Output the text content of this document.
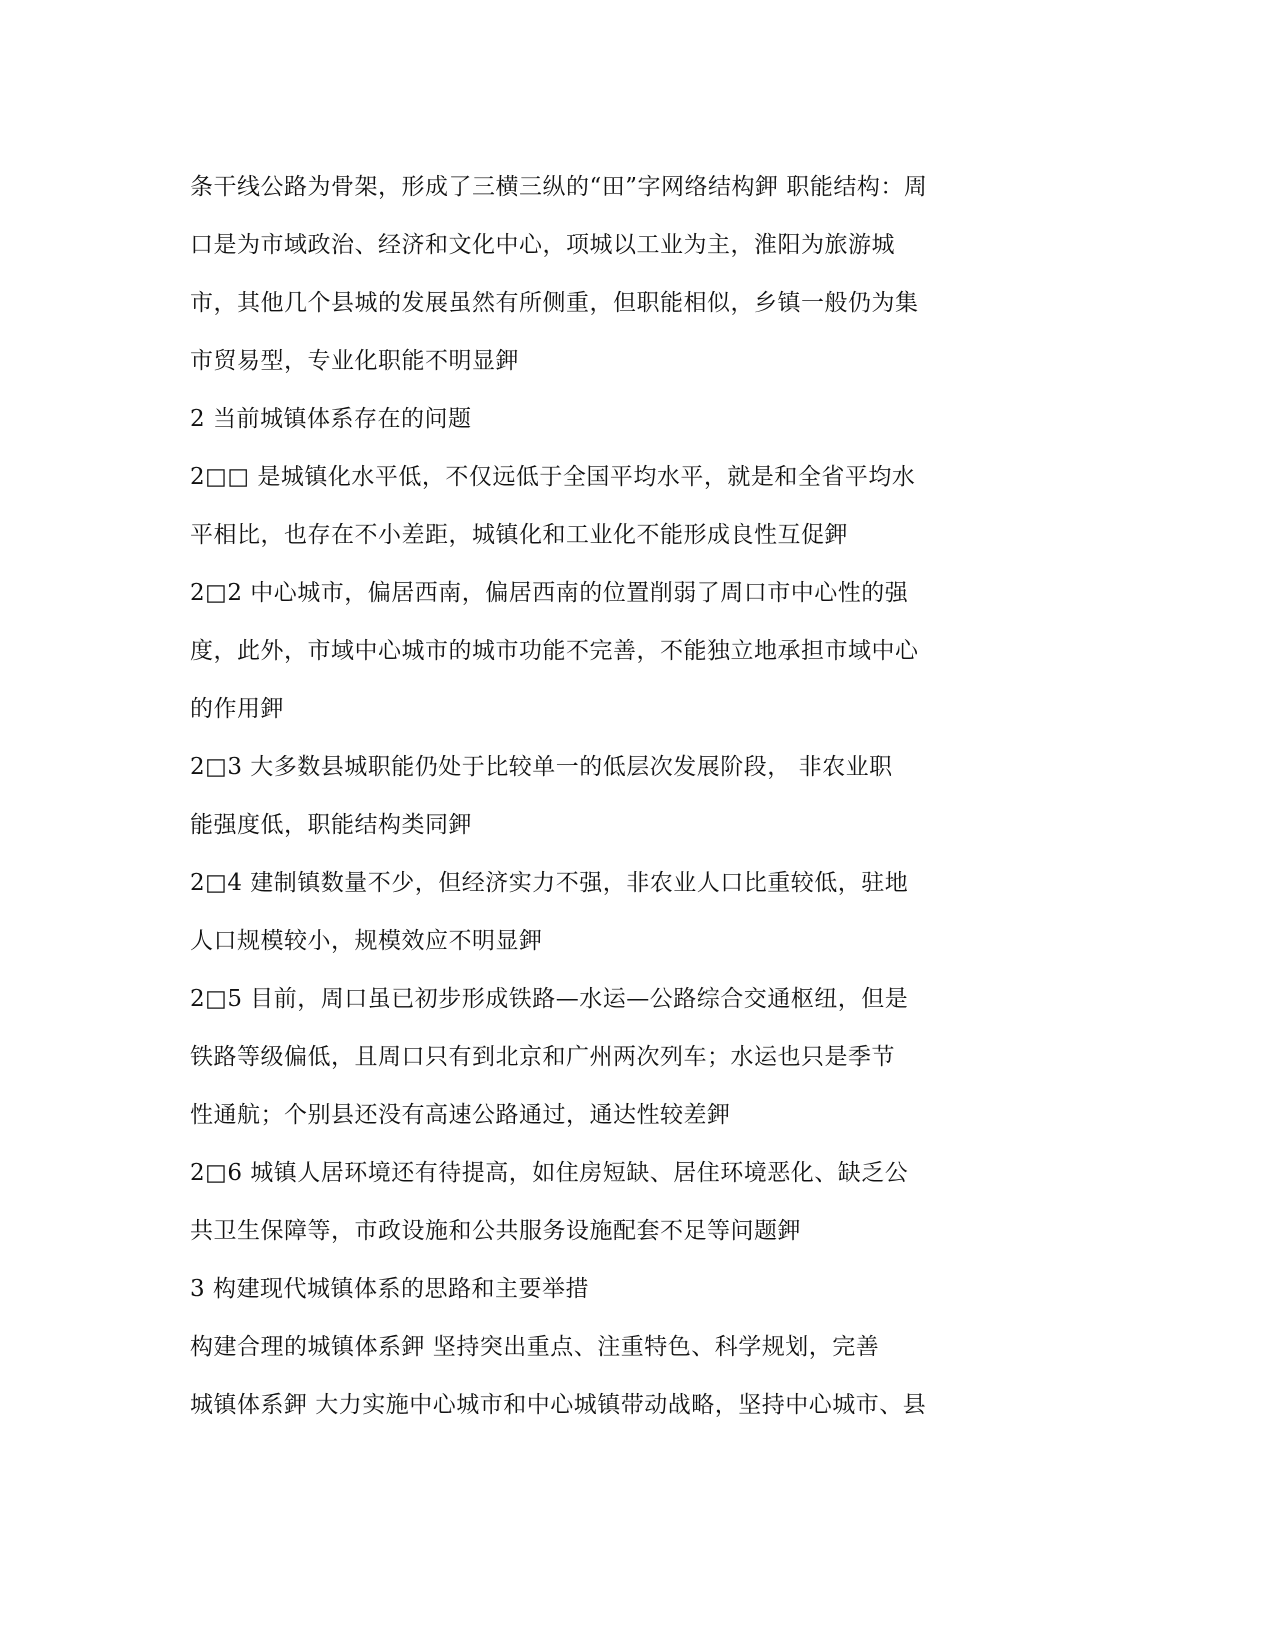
条干线公路为骨架，形成了三横三纵的“田”字网络结构鉀 职能结构：周
口是为市域政治、经济和文化中心，项城以工业为主，淮阳为旅游城
市，其他几个县城的发展虽然有所侧重，但职能相似，乡镇一般仍为集
市贸易型，专业化职能不明显鉀
2 当前城镇体系存在的问题
2□□ 是城镇化水平低，不仅远低于全国平均水平，就是和全省平均水
平相比，也存在不小差距，城镇化和工业化不能形成良性互促鉀
2□2 中心城市，偏居西南，偏居西南的位置削弱了周口市中心性的强
度，此外，市域中心城市的城市功能不完善，不能独立地承担市域中心
的作用鉀
2□3 大多数县城职能仍处于比较单一的低层次发展阶段， 非农业职
能强度低，职能结构类同鉀
2□4 建制镇数量不少，但经济实力不强，非农业人口比重较低，驻地
人口规模较小，规模效应不明显鉀
2□5 目前，周口虽已初步形成铁路—水运—公路综合交通枢纽，但是
铁路等级偏低，且周口只有到北京和广州两次列车；水运也只是季节
性通航；个别县还没有高速公路通过，通达性较差鉀
2□6 城镇人居环境还有待提高，如住房短缺、居住环境恶化、缺乏公
共卫生保障等，市政设施和公共服务设施配套不足等问题鉀
3 构建现代城镇体系的思路和主要举措
构建合理的城镇体系鉀 坚持突出重点、注重特色、科学规划，完善
城镇体系鉀 大力实施中心城市和中心城镇带动战略，坚持中心城市、县
